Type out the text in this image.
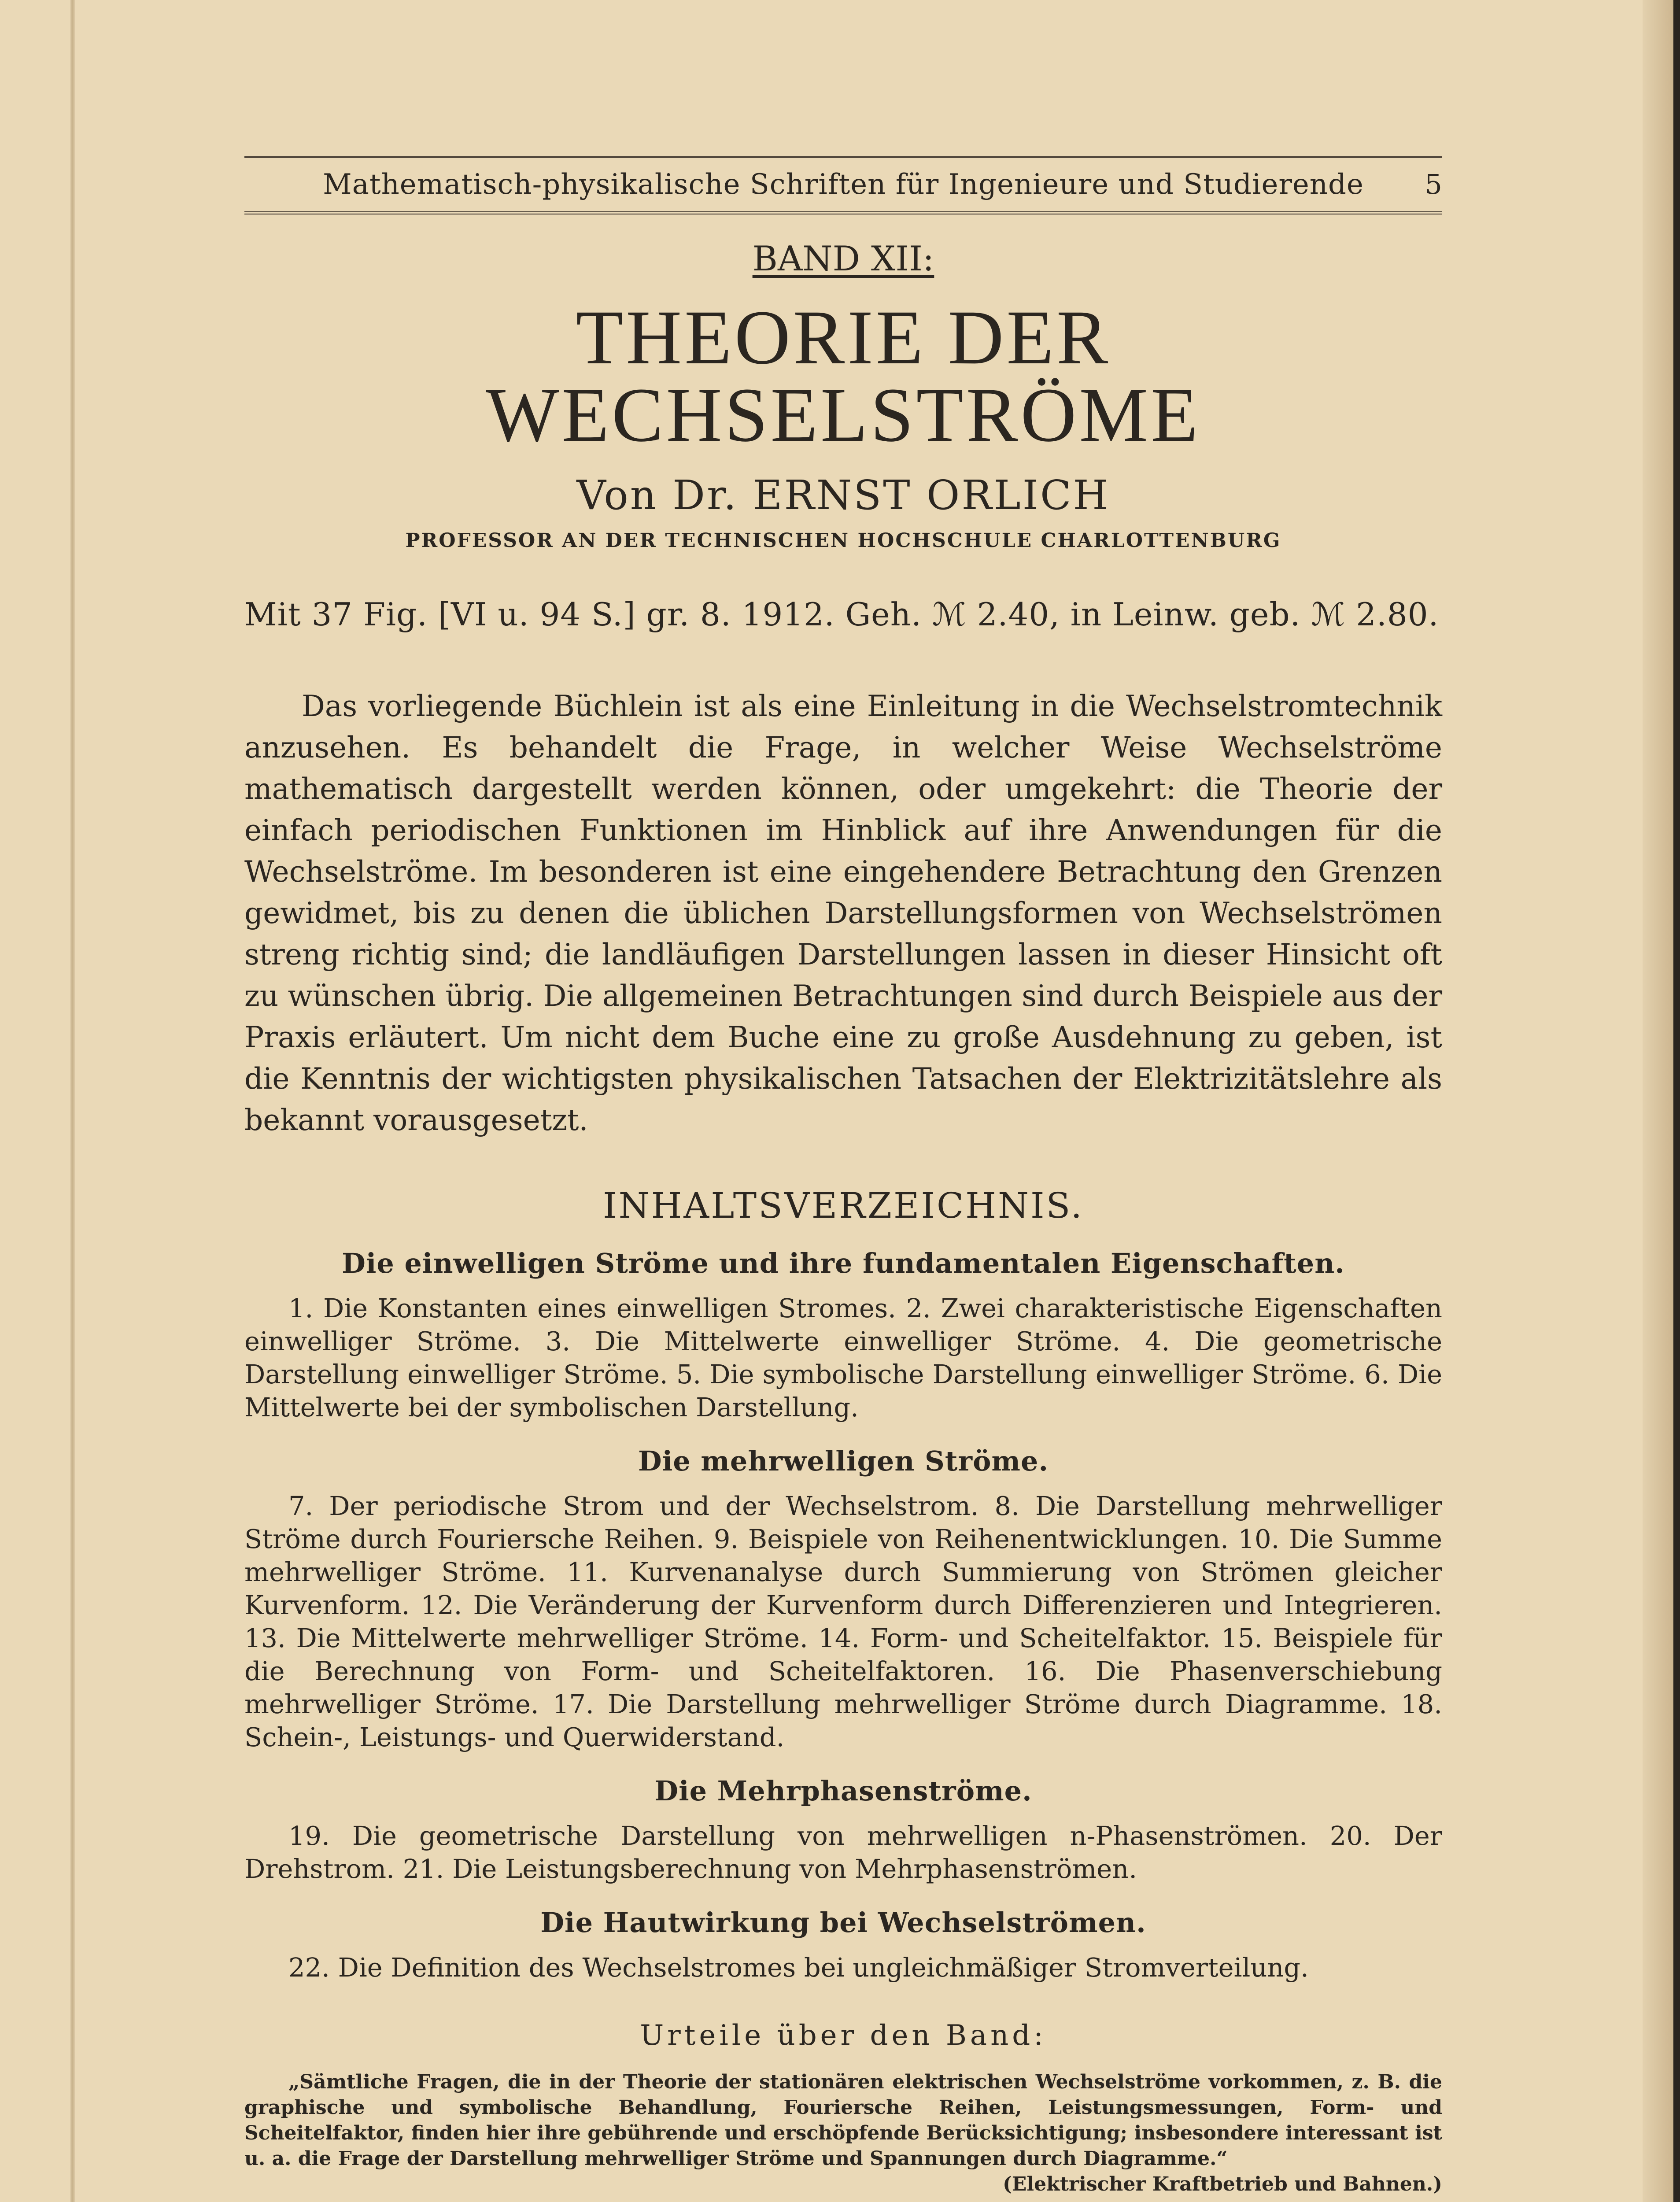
Mathematisch-physikalische Schriften für Ingenieure und Studierende 5
BAND XII:
THEORIE DER WECHSELSTRÖME
Von Dr. ERNST ORLICH
PROFESSOR AN DER TECHNISCHEN HOCHSCHULE CHARLOTTENBURG
Mit 37 Fig. [VI u. 94 S.] gr. 8. 1912. Geh. ℳ 2.40, in Leinw. geb. ℳ 2.80.
Das vorliegende Büchlein ist als eine Einleitung in die Wechselstromtechnik anzusehen. Es behandelt die Frage, in welcher Weise Wechselströme mathematisch dargestellt werden können, oder umgekehrt: die Theorie der einfach periodischen Funktionen im Hinblick auf ihre Anwendungen für die Wechselströme. Im besonderen ist eine eingehendere Betrachtung den Grenzen gewidmet, bis zu denen die üblichen Darstellungsformen von Wechselströmen streng richtig sind; die landläufigen Darstellungen lassen in dieser Hinsicht oft zu wünschen übrig. Die allgemeinen Betrachtungen sind durch Beispiele aus der Praxis erläutert. Um nicht dem Buche eine zu große Ausdehnung zu geben, ist die Kenntnis der wichtigsten physikalischen Tatsachen der Elektrizitätslehre als bekannt vorausgesetzt.
INHALTSVERZEICHNIS.
Die einwelligen Ströme und ihre fundamentalen Eigenschaften.
1. Die Konstanten eines einwelligen Stromes. 2. Zwei charakteristische Eigenschaften einwelliger Ströme. 3. Die Mittelwerte einwelliger Ströme. 4. Die geometrische Darstellung einwelliger Ströme. 5. Die symbolische Darstellung einwelliger Ströme. 6. Die Mittelwerte bei der symbolischen Darstellung.
Die mehrwelligen Ströme.
7. Der periodische Strom und der Wechselstrom. 8. Die Darstellung mehrwelliger Ströme durch Fouriersche Reihen. 9. Beispiele von Reihenentwicklungen. 10. Die Summe mehrwelliger Ströme. 11. Kurvenanalyse durch Summierung von Strömen gleicher Kurvenform. 12. Die Veränderung der Kurvenform durch Differenzieren und Integrieren. 13. Die Mittelwerte mehrwelliger Ströme. 14. Form- und Scheitelfaktor. 15. Beispiele für die Berechnung von Form- und Scheitelfaktoren. 16. Die Phasenverschiebung mehrwelliger Ströme. 17. Die Darstellung mehrwelliger Ströme durch Diagramme. 18. Schein-, Leistungs- und Querwiderstand.
Die Mehrphasenströme.
19. Die geometrische Darstellung von mehrwelligen n-Phasenströmen. 20. Der Drehstrom. 21. Die Leistungsberechnung von Mehrphasenströmen.
Die Hautwirkung bei Wechselströmen.
22. Die Definition des Wechselstromes bei ungleichmäßiger Stromverteilung.
Urteile über den Band:
„Sämtliche Fragen, die in der Theorie der stationären elektrischen Wechselströme vorkommen, z. B. die graphische und symbolische Behandlung, Fouriersche Reihen, Leistungsmessungen, Form- und Scheitelfaktor, finden hier ihre gebührende und erschöpfende Berücksichtigung; insbesondere interessant ist u. a. die Frage der Darstellung mehrwelliger Ströme und Spannungen durch Diagramme.“
(Elektrischer Kraftbetrieb und Bahnen.)
